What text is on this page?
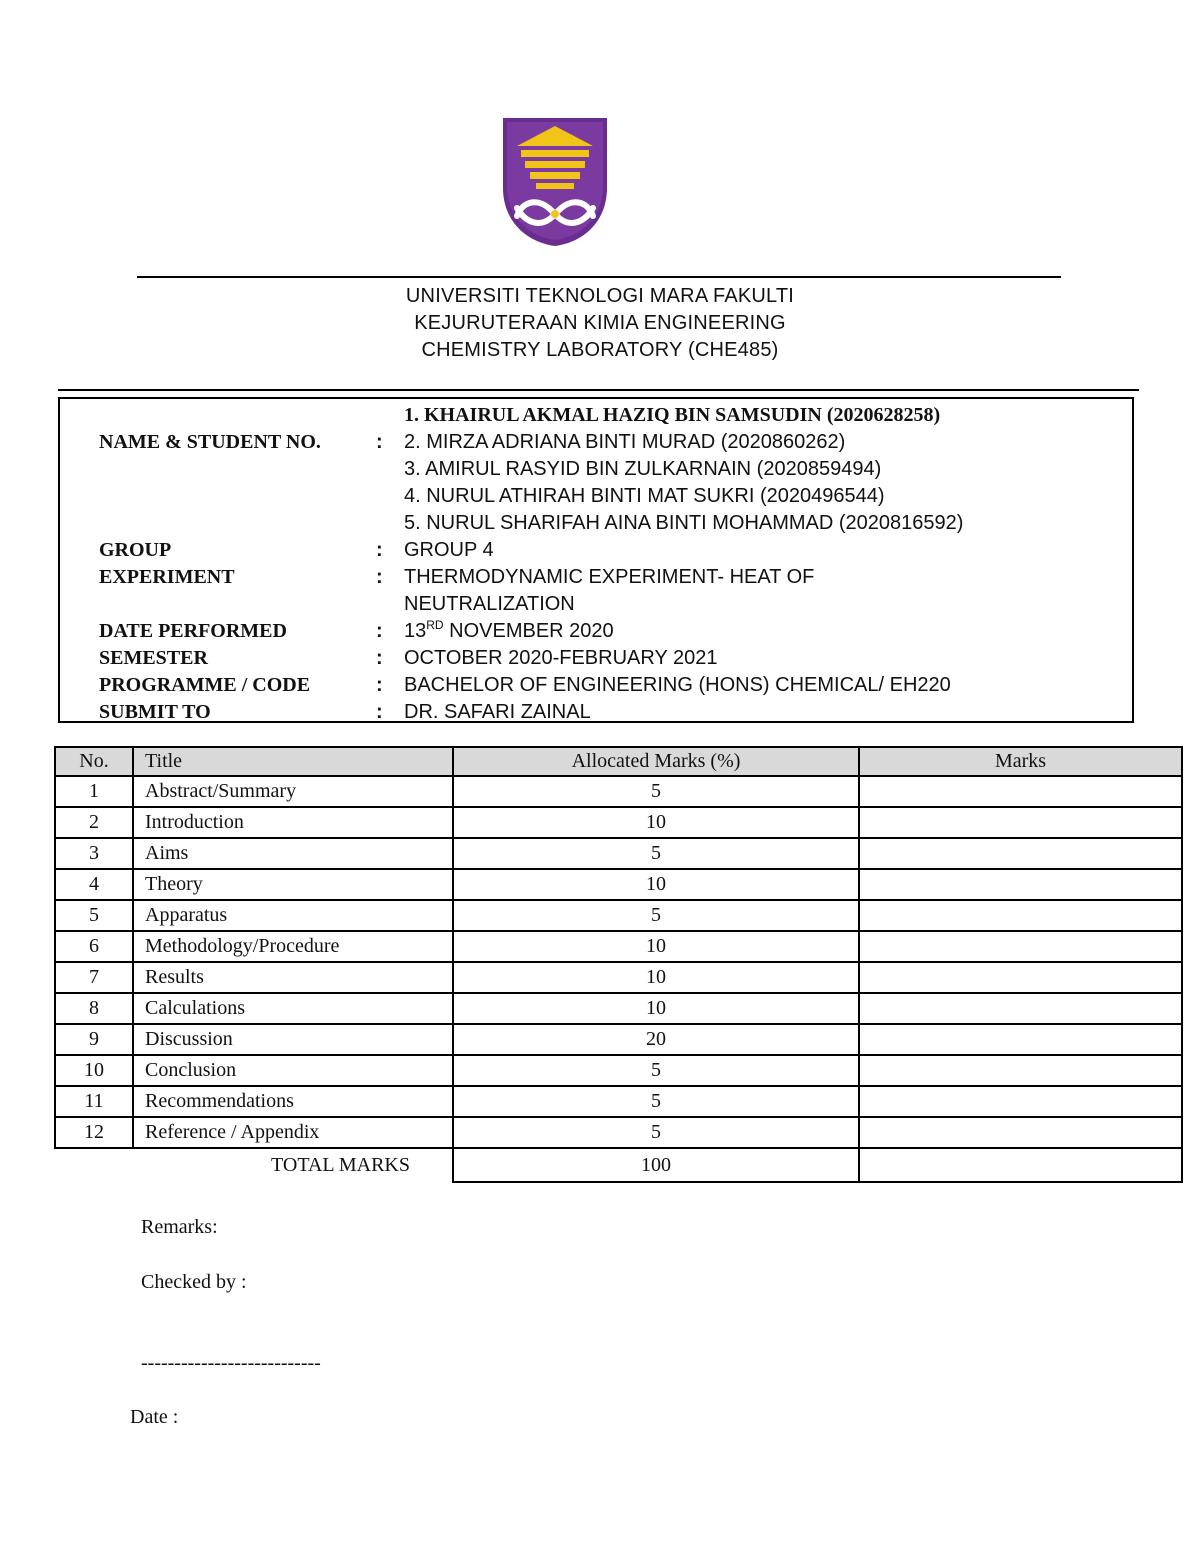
UNIVERSITI TEKNOLOGI MARA FAKULTI
KEJURUTERAAN KIMIA ENGINEERING
CHEMISTRY LABORATORY (CHE485)
1. KHAIRUL AKMAL HAZIQ BIN SAMSUDIN (2020628258)
NAME & STUDENT NO.	: 2. MIRZA ADRIANA BINTI MURAD (2020860262)
3. AMIRUL RASYID BIN ZULKARNAIN (2020859494)
4. NURUL ATHIRAH BINTI MAT SUKRI (2020496544)
5. NURUL SHARIFAH AINA BINTI MOHAMMAD (2020816592)
GROUP	: GROUP 4
EXPERIMENT	: THERMODYNAMIC EXPERIMENT- HEAT OF
NEUTRALIZATION
DATE PERFORMED	: 13RD NOVEMBER 2020
SEMESTER	: OCTOBER 2020-FEBRUARY 2021
PROGRAMME / CODE	: BACHELOR OF ENGINEERING (HONS) CHEMICAL/ EH220
SUBMIT TO	: DR. SAFARI ZAINAL
No.	Title	Allocated Marks (%)	Marks
1	Abstract/Summary	5	
2	Introduction	10	
3	Aims	5	
4	Theory	10	
5	Apparatus	5	
6	Methodology/Procedure	10	
7	Results	10	
8	Calculations	10	
9	Discussion	20	
10	Conclusion	5	
11	Recommendations	5	
12	Reference / Appendix	5	
	TOTAL MARKS	100	
Remarks:
Checked by :
---------------------------
Date :
